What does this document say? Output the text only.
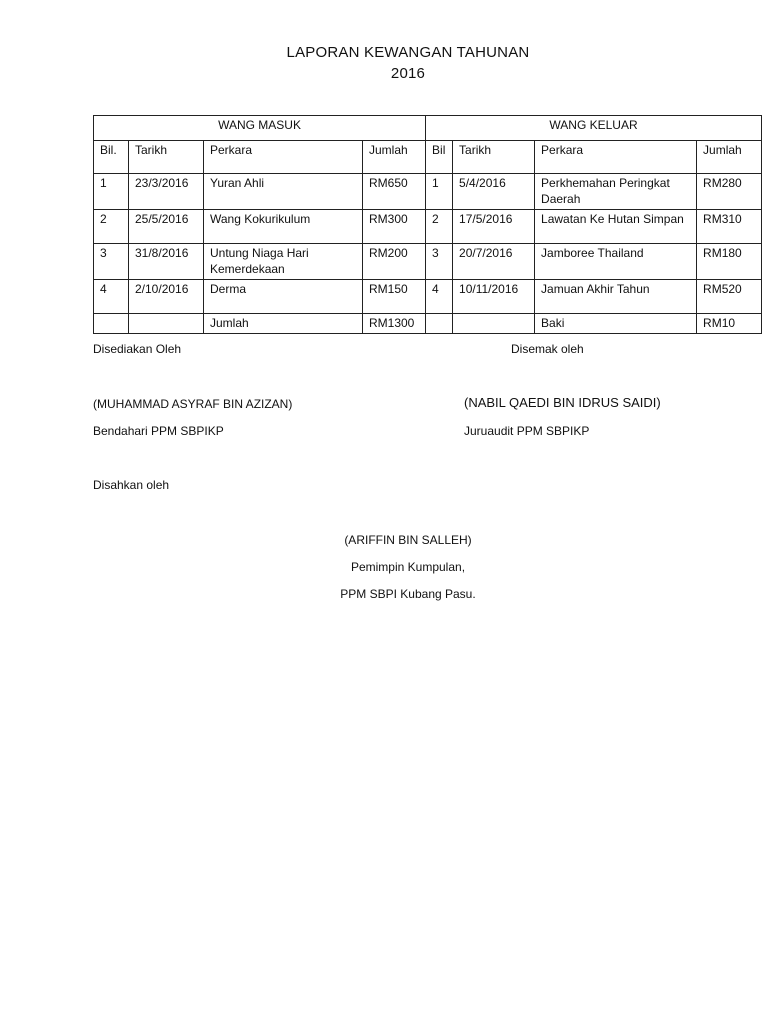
LAPORAN KEWANGAN TAHUNAN
2016
WANG MASUK				WANG KELUAR			
Bil.	Tarikh	Perkara	Jumlah	Bil	Tarikh	Perkara	Jumlah
1	23/3/2016	Yuran Ahli	RM650	1	5/4/2016	Perkhemahan Peringkat Daerah	RM280
2	25/5/2016	Wang Kokurikulum	RM300	2	17/5/2016	Lawatan Ke Hutan Simpan	RM310
3	31/8/2016	Untung Niaga Hari Kemerdekaan	RM200	3	20/7/2016	Jamboree Thailand	RM180
4	2/10/2016	Derma	RM150	4	10/11/2016	Jamuan Akhir Tahun	RM520
		Jumlah	RM1300			Baki	RM10
Disediakan Oleh	Disemak oleh
(MUHAMMAD ASYRAF BIN AZIZAN)	(NABIL QAEDI BIN IDRUS SAIDI)
Bendahari PPM SBPIKP	Juruaudit PPM SBPIKP
Disahkan oleh
(ARIFFIN BIN SALLEH)
Pemimpin Kumpulan,
PPM SBPI Kubang Pasu.
